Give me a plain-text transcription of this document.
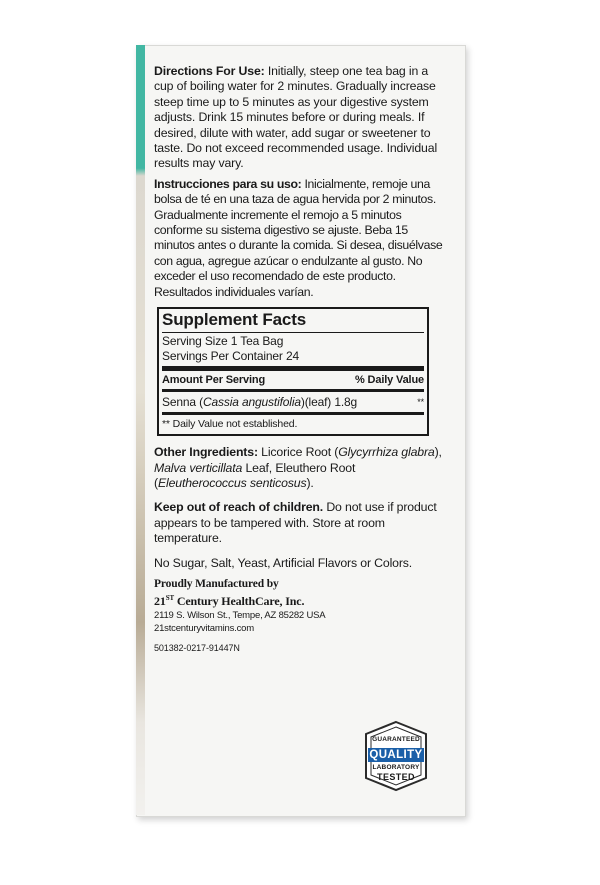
Directions For Use: Initially, steep one tea bag in a cup of boiling water for 2 minutes. Gradually increase steep time up to 5 minutes as your digestive system adjusts. Drink 15 minutes before or during meals. If desired, dilute with water, add sugar or sweetener to taste. Do not exceed recommended usage. Individual results may vary.

Instrucciones para su uso: Inicialmente, remoje una bolsa de té en una taza de agua hervida por 2 minutos. Gradualmente incremente el remojo a 5 minutos conforme su sistema digestivo se ajuste. Beba 15 minutos antes o durante la comida. Si desea, disuélvase con agua, agregue azúcar o endulzante al gusto. No exceder el uso recomendado de este producto. Resultados individuales varían.

Supplement Facts
Serving Size 1 Tea Bag
Servings Per Container 24
Amount Per Serving	% Daily Value
Senna (Cassia angustifolia)(leaf) 1.8g	**
** Daily Value not established.

Other Ingredients: Licorice Root (Glycyrrhiza glabra), Malva verticillata Leaf, Eleuthero Root (Eleutherococcus senticosus).

Keep out of reach of children. Do not use if product appears to be tampered with. Store at room temperature.

No Sugar, Salt, Yeast, Artificial Flavors or Colors.

Proudly Manufactured by
21ST Century HealthCare, Inc.
2119 S. Wilson St., Tempe, AZ 85282 USA
21stcenturyvitamins.com
501382-0217-91447N
GUARANTEED
QUALITY
LABORATORY
TESTED
